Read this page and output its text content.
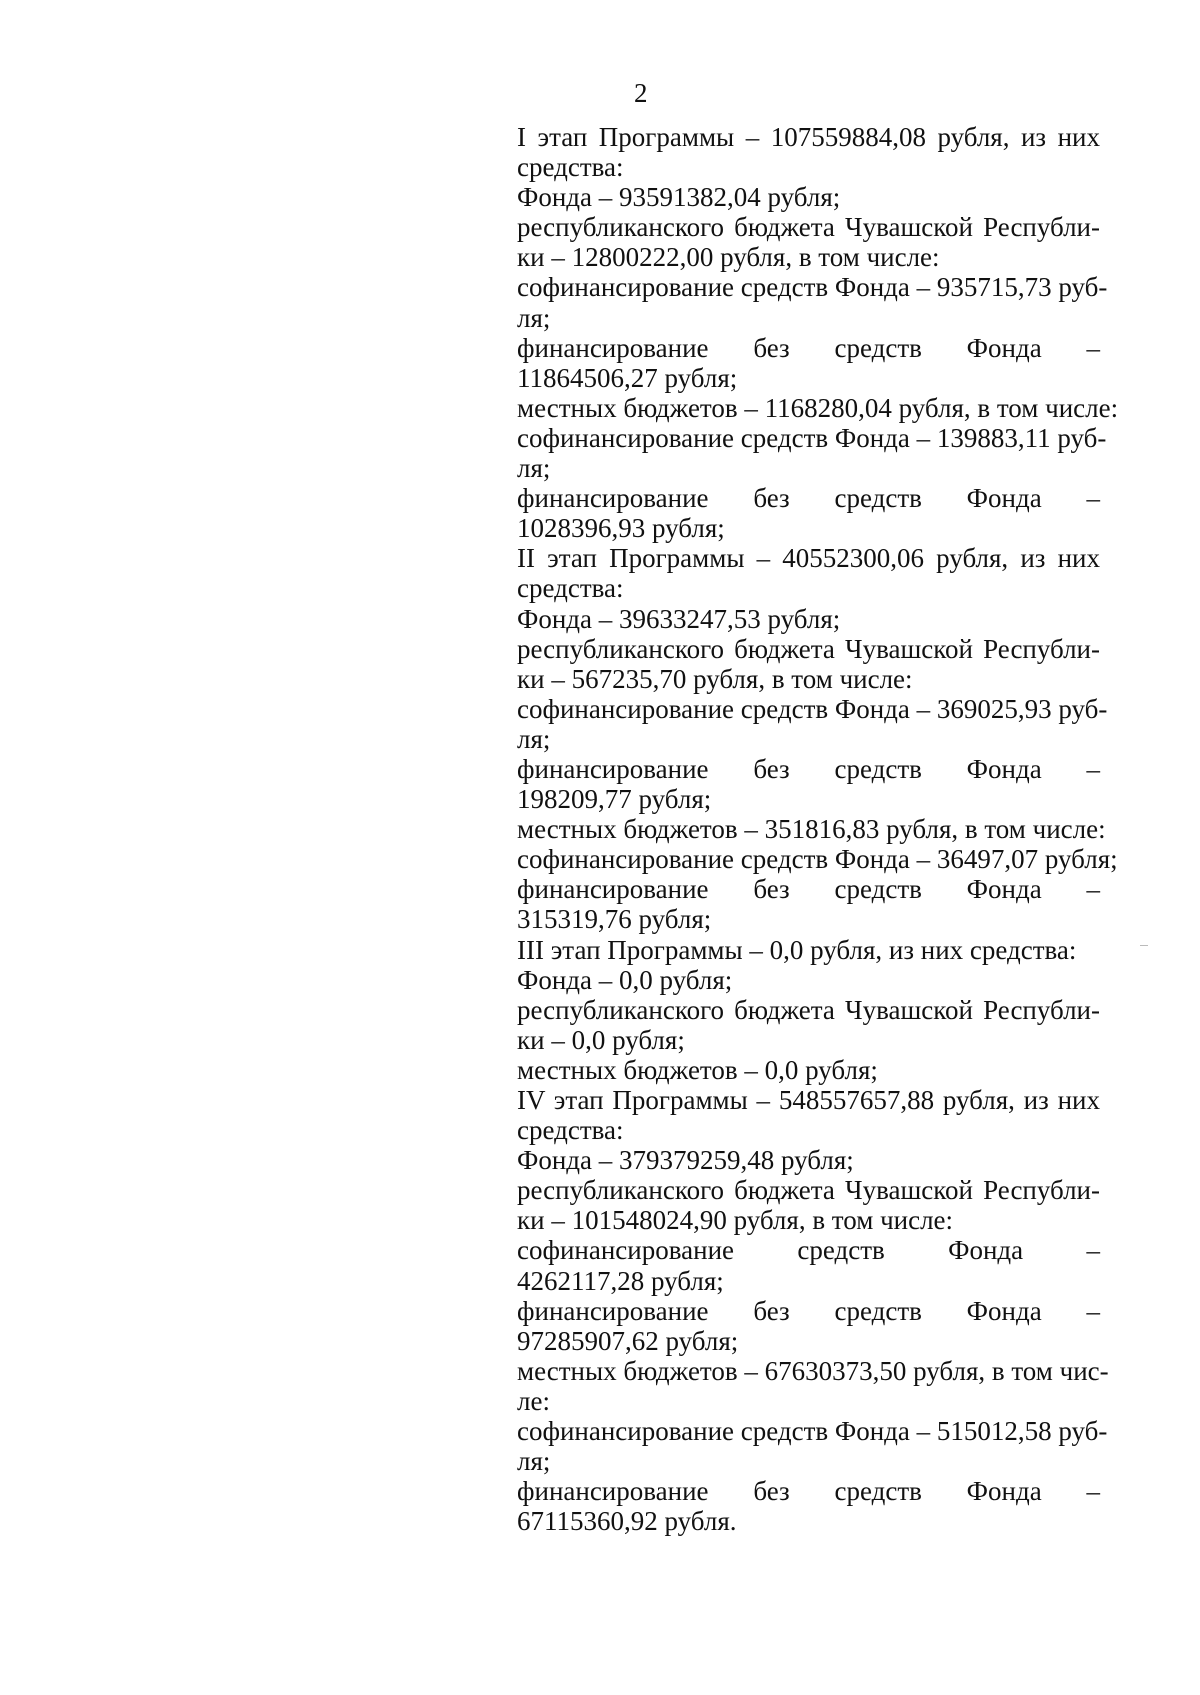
2
I этап Программы – 107559884,08 рубля, из них
средства:
Фонда – 93591382,04 рубля;
республиканского бюджета Чувашской Республи-
ки – 12800222,00 рубля, в том числе:
софинансирование средств Фонда – 935715,73 руб-
ля;
финансирование без средств Фонда –
11864506,27 рубля;
местных бюджетов – 1168280,04 рубля, в том числе:
софинансирование средств Фонда – 139883,11 руб-
ля;
финансирование без средств Фонда –
1028396,93 рубля;
II этап Программы – 40552300,06 рубля, из них
средства:
Фонда – 39633247,53 рубля;
республиканского бюджета Чувашской Республи-
ки – 567235,70 рубля, в том числе:
софинансирование средств Фонда – 369025,93 руб-
ля;
финансирование без средств Фонда –
198209,77 рубля;
местных бюджетов – 351816,83 рубля, в том числе:
софинансирование средств Фонда – 36497,07 рубля;
финансирование без средств Фонда –
315319,76 рубля;
III этап Программы – 0,0 рубля, из них средства:
Фонда – 0,0 рубля;
республиканского бюджета Чувашской Республи-
ки – 0,0 рубля;
местных бюджетов – 0,0 рубля;
IV этап Программы – 548557657,88 рубля, из них
средства:
Фонда – 379379259,48 рубля;
республиканского бюджета Чувашской Республи-
ки – 101548024,90 рубля, в том числе:
софинансирование средств Фонда –
4262117,28 рубля;
финансирование без средств Фонда –
97285907,62 рубля;
местных бюджетов – 67630373,50 рубля, в том чис-
ле:
софинансирование средств Фонда – 515012,58 руб-
ля;
финансирование без средств Фонда –
67115360,92 рубля.
